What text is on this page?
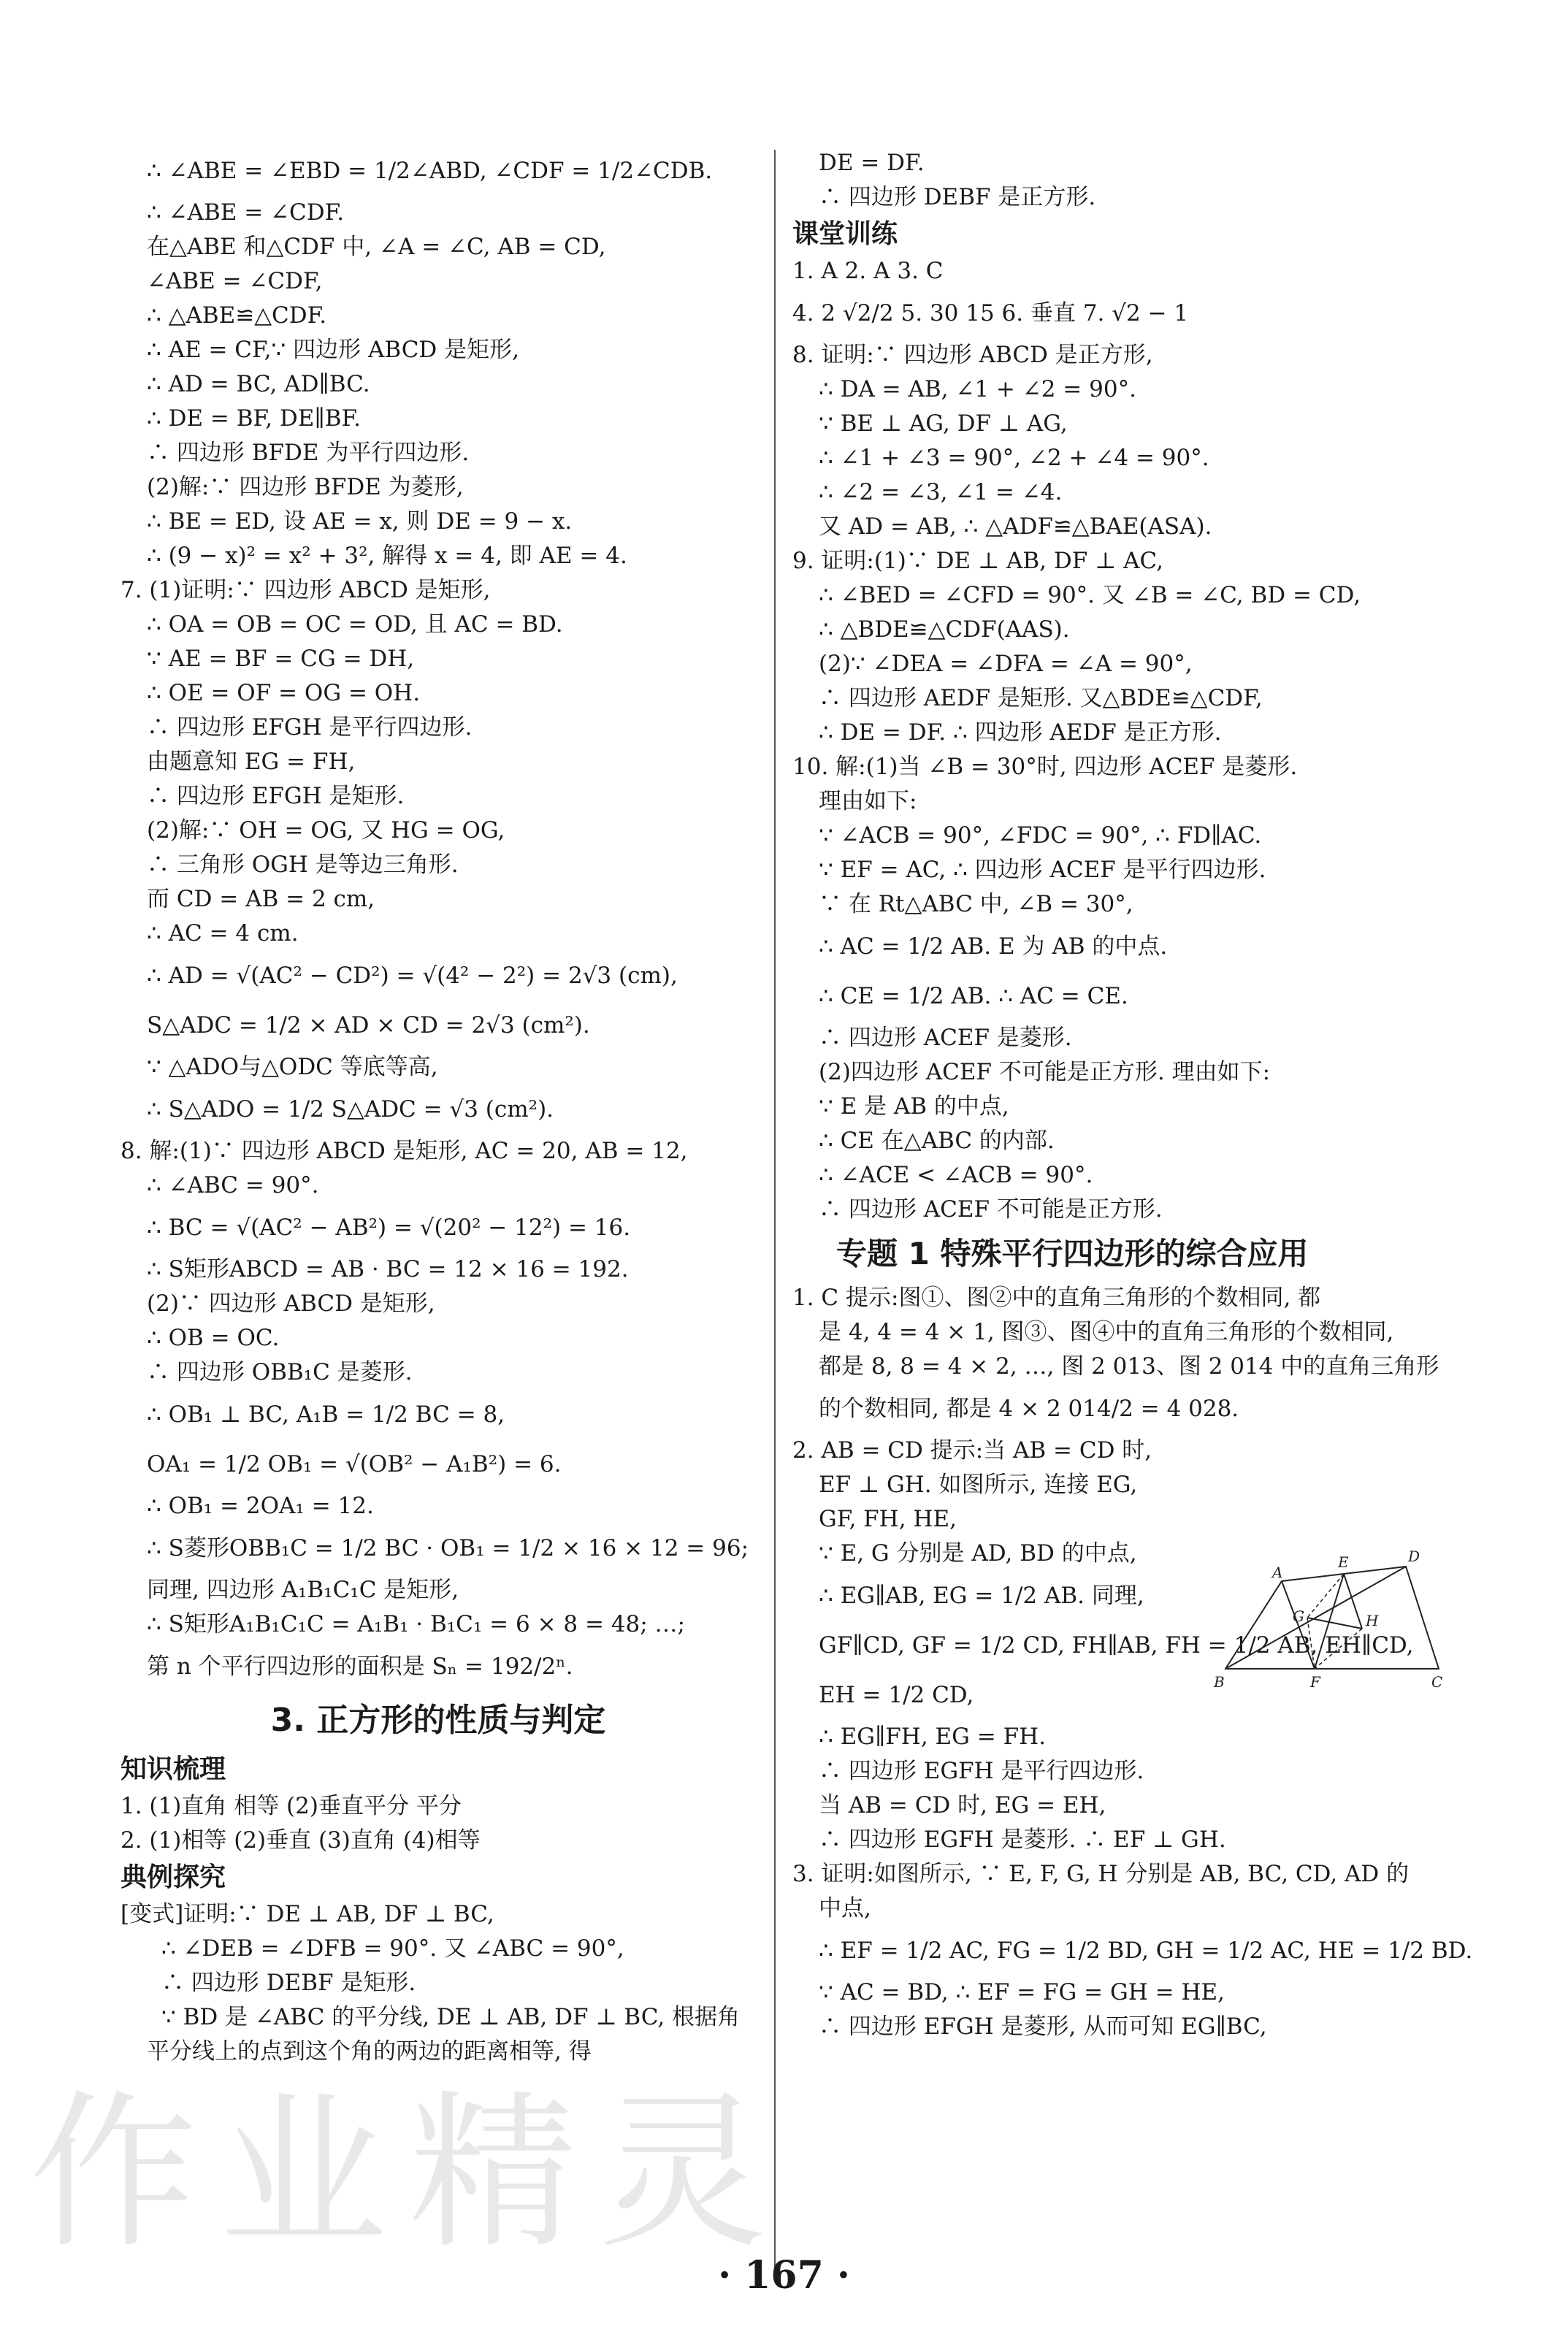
∴ ∠ABE = ∠EBD = 1/2∠ABD, ∠CDF = 1/2∠CDB.
∴ ∠ABE = ∠CDF.
在△ABE 和△CDF 中, ∠A = ∠C, AB = CD,
∠ABE = ∠CDF,
∴ △ABE≌△CDF.
∴ AE = CF,∵ 四边形 ABCD 是矩形,
∴ AD = BC, AD∥BC.
∴ DE = BF, DE∥BF.
∴ 四边形 BFDE 为平行四边形.
(2)解:∵ 四边形 BFDE 为菱形,
∴ BE = ED, 设 AE = x, 则 DE = 9 − x.
∴ (9 − x)² = x² + 3², 解得 x = 4, 即 AE = 4.
7. (1)证明:∵ 四边形 ABCD 是矩形,
∴ OA = OB = OC = OD, 且 AC = BD.
∵ AE = BF = CG = DH,
∴ OE = OF = OG = OH.
∴ 四边形 EFGH 是平行四边形.
由题意知 EG = FH,
∴ 四边形 EFGH 是矩形.
(2)解:∵ OH = OG, 又 HG = OG,
∴ 三角形 OGH 是等边三角形.
而 CD = AB = 2 cm,
∴ AC = 4 cm.
∴ AD = √(AC² − CD²) = √(4² − 2²) = 2√3 (cm),
S△ADC = 1/2 × AD × CD = 2√3 (cm²).
∵ △ADO与△ODC 等底等高,
∴ S△ADO = 1/2 S△ADC = √3 (cm²).
8. 解:(1)∵ 四边形 ABCD 是矩形, AC = 20, AB = 12,
∴ ∠ABC = 90°.
∴ BC = √(AC² − AB²) = √(20² − 12²) = 16.
∴ S矩形ABCD = AB · BC = 12 × 16 = 192.
(2)∵ 四边形 ABCD 是矩形,
∴ OB = OC.
∴ 四边形 OBB₁C 是菱形.
∴ OB₁ ⊥ BC, A₁B = 1/2 BC = 8,
OA₁ = 1/2 OB₁ = √(OB² − A₁B²) = 6.
∴ OB₁ = 2OA₁ = 12.
∴ S菱形OBB₁C = 1/2 BC · OB₁ = 1/2 × 16 × 12 = 96;
同理, 四边形 A₁B₁C₁C 是矩形,
∴ S矩形A₁B₁C₁C = A₁B₁ · B₁C₁ = 6 × 8 = 48; …;
第 n 个平行四边形的面积是 Sₙ = 192/2ⁿ.
3. 正方形的性质与判定
知识梳理
1. (1)直角 相等 (2)垂直平分 平分
2. (1)相等 (2)垂直 (3)直角 (4)相等
典例探究
[变式]证明:∵ DE ⊥ AB, DF ⊥ BC,
∴ ∠DEB = ∠DFB = 90°. 又 ∠ABC = 90°,
∴ 四边形 DEBF 是矩形.
∵ BD 是 ∠ABC 的平分线, DE ⊥ AB, DF ⊥ BC, 根据角
平分线上的点到这个角的两边的距离相等, 得
DE = DF.
∴ 四边形 DEBF 是正方形.
课堂训练
1. A 2. A 3. C
4. 2 √2/2 5. 30 15 6. 垂直 7. √2 − 1
8. 证明:∵ 四边形 ABCD 是正方形,
∴ DA = AB, ∠1 + ∠2 = 90°.
∵ BE ⊥ AG, DF ⊥ AG,
∴ ∠1 + ∠3 = 90°, ∠2 + ∠4 = 90°.
∴ ∠2 = ∠3, ∠1 = ∠4.
又 AD = AB, ∴ △ADF≌△BAE(ASA).
9. 证明:(1)∵ DE ⊥ AB, DF ⊥ AC,
∴ ∠BED = ∠CFD = 90°. 又 ∠B = ∠C, BD = CD,
∴ △BDE≌△CDF(AAS).
(2)∵ ∠DEA = ∠DFA = ∠A = 90°,
∴ 四边形 AEDF 是矩形. 又△BDE≌△CDF,
∴ DE = DF. ∴ 四边形 AEDF 是正方形.
10. 解:(1)当 ∠B = 30°时, 四边形 ACEF 是菱形.
理由如下:
∵ ∠ACB = 90°, ∠FDC = 90°, ∴ FD∥AC.
∵ EF = AC, ∴ 四边形 ACEF 是平行四边形.
∵ 在 Rt△ABC 中, ∠B = 30°,
∴ AC = 1/2 AB. E 为 AB 的中点.
∴ CE = 1/2 AB. ∴ AC = CE.
∴ 四边形 ACEF 是菱形.
(2)四边形 ACEF 不可能是正方形. 理由如下:
∵ E 是 AB 的中点,
∴ CE 在△ABC 的内部.
∴ ∠ACE < ∠ACB = 90°.
∴ 四边形 ACEF 不可能是正方形.
专题 1 特殊平行四边形的综合应用
1. C 提示:图①、图②中的直角三角形的个数相同, 都
是 4, 4 = 4 × 1, 图③、图④中的直角三角形的个数相同,
都是 8, 8 = 4 × 2, …, 图 2 013、图 2 014 中的直角三角形
的个数相同, 都是 4 × 2 014/2 = 4 028.
2. AB = CD 提示:当 AB = CD 时,
EF ⊥ GH. 如图所示, 连接 EG,
GF, FH, HE,
∵ E, G 分别是 AD, BD 的中点,
∴ EG∥AB, EG = 1/2 AB. 同理,
GF∥CD, GF = 1/2 CD, FH∥AB, FH = 1/2 AB, EH∥CD,
EH = 1/2 CD,
∴ EG∥FH, EG = FH.
∴ 四边形 EGFH 是平行四边形.
当 AB = CD 时, EG = EH,
∴ 四边形 EGFH 是菱形. ∴ EF ⊥ GH.
3. 证明:如图所示, ∵ E, F, G, H 分别是 AB, BC, CD, AD 的
中点,
∴ EF = 1/2 AC, FG = 1/2 BD, GH = 1/2 AC, HE = 1/2 BD.
∵ AC = BD, ∴ EF = FG = GH = HE,
∴ 四边形 EFGH 是菱形, 从而可知 EG∥BC,
A
E	D
G	H
B	F	C
作业精灵
· 167 ·
